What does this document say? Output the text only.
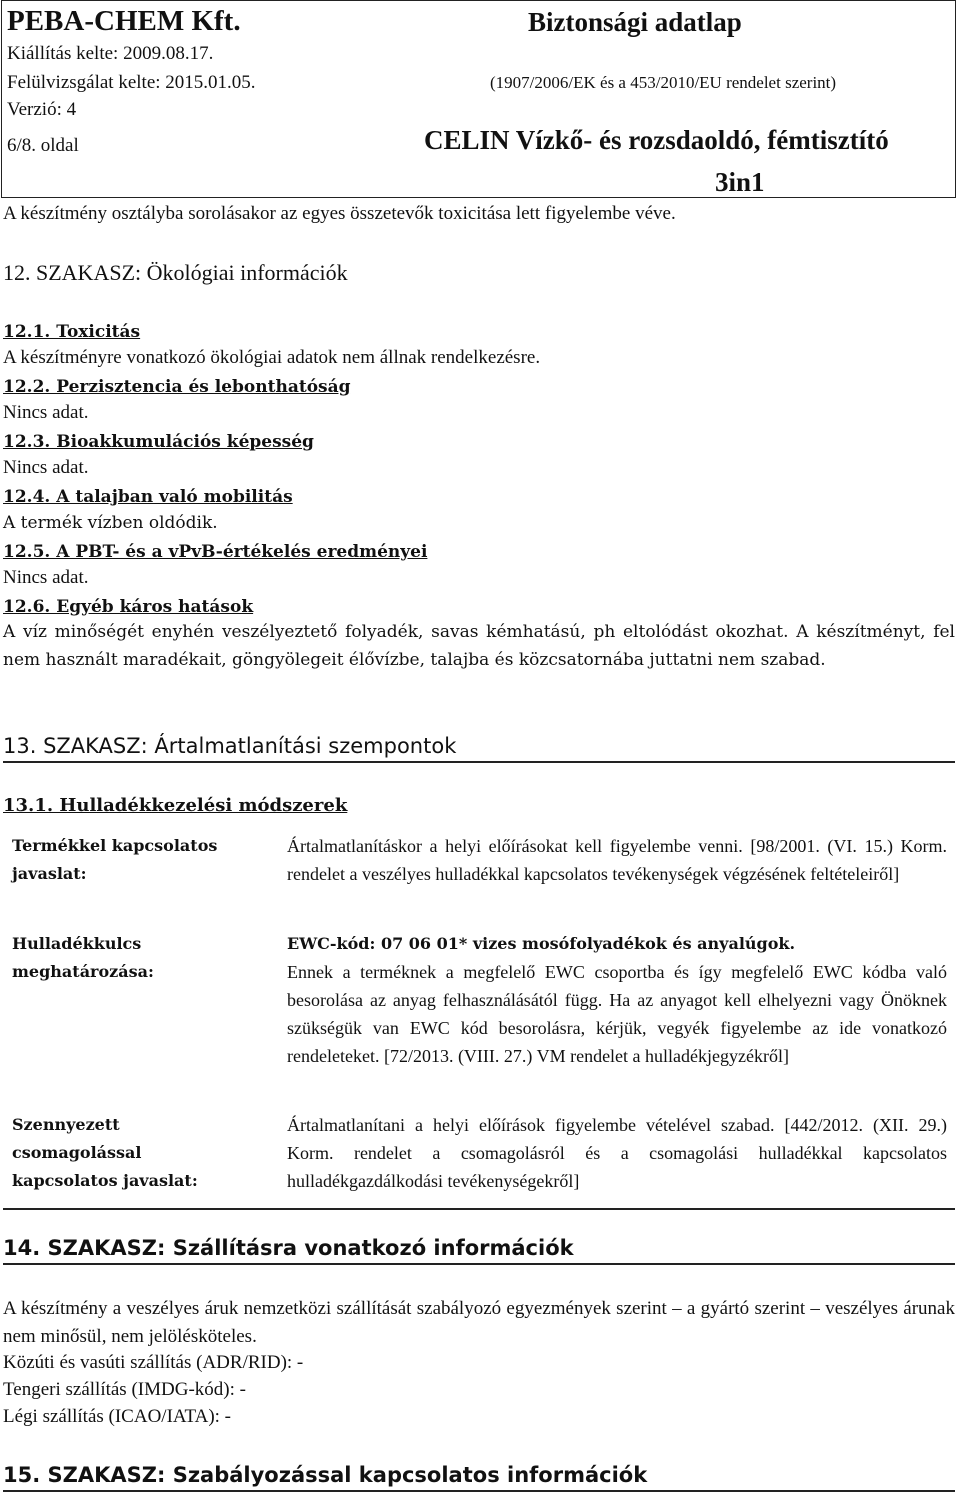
PEBA-CHEM Kft.	Biztonsági adatlap
Kiállítás kelte: 2009.08.17.
Felülvizsgálat kelte: 2015.01.05.	(1907/2006/EK és a 453/2010/EU rendelet szerint)
Verzió: 4
6/8. oldal	CELIN Vízkő- és rozsdaoldó, fémtisztító
3in1
A készítmény osztályba sorolásakor az egyes összetevők toxicitása lett figyelembe véve.
12. SZAKASZ: Ökológiai információk
12.1. Toxicitás
A készítményre vonatkozó ökológiai adatok nem állnak rendelkezésre.
12.2. Perzisztencia és lebonthatóság
Nincs adat.
12.3. Bioakkumulációs képesség
Nincs adat.
12.4. A talajban való mobilitás
A termék vízben oldódik.
12.5. A PBT- és a vPvB-értékelés eredményei
Nincs adat.
12.6. Egyéb káros hatások
A víz minőségét enyhén veszélyeztető folyadék, savas kémhatású, ph eltolódást okozhat. A készítményt, fel nem használt maradékait, göngyölegeit élővízbe, talajba és közcsatornába juttatni nem szabad.
13. SZAKASZ: Ártalmatlanítási szempontok
13.1. Hulladékkezelési módszerek
Termékkel kapcsolatos javaslat:
Ártalmatlanításkor a helyi előírásokat kell figyelembe venni. [98/2001. (VI. 15.) Korm. rendelet a veszélyes hulladékkal kapcsolatos tevékenységek végzésének feltételeiről]
Hulladékkulcs meghatározása:
EWC-kód: 07 06 01* vizes mosófolyadékok és anyalúgok.
Ennek a terméknek a megfelelő EWC csoportba és így megfelelő EWC kódba való besorolása az anyag felhasználásától függ. Ha az anyagot kell elhelyezni vagy Önöknek szükségük van EWC kód besorolásra, kérjük, vegyék figyelembe az ide vonatkozó rendeleteket. [72/2013. (VIII. 27.) VM rendelet a hulladékjegyzékről]
Szennyezett csomagolással kapcsolatos javaslat:
Ártalmatlanítani a helyi előírások figyelembe vételével szabad. [442/2012. (XII. 29.) Korm. rendelet a csomagolásról és a csomagolási hulladékkal kapcsolatos hulladékgazdálkodási tevékenységekről]
14. SZAKASZ: Szállításra vonatkozó információk
A készítmény a veszélyes áruk nemzetközi szállítását szabályozó egyezmények szerint – a gyártó szerint – veszélyes árunak nem minősül, nem jelölésköteles.
Közúti és vasúti szállítás (ADR/RID): -
Tengeri szállítás (IMDG-kód): -
Légi szállítás (ICAO/IATA): -
15. SZAKASZ: Szabályozással kapcsolatos információk
